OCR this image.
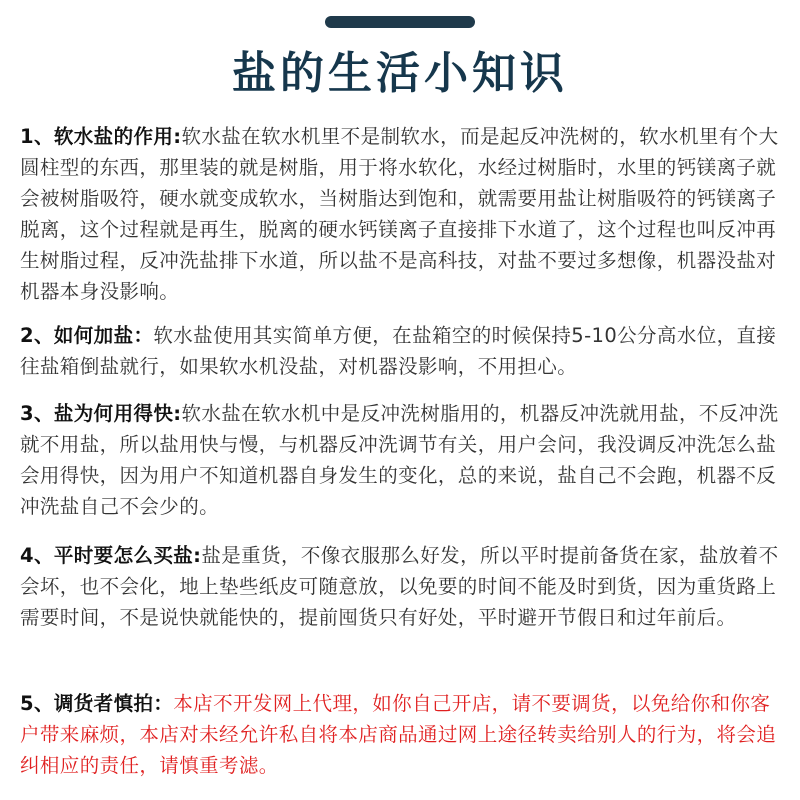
盐的生活小知识
1、软水盐的作用:软水盐在软水机里不是制软水，而是起反冲洗树的，软水机里有个大圆柱型的东西，那里装的就是树脂，用于将水软化，水经过树脂时，水里的钙镁离子就会被树脂吸符，硬水就变成软水，当树脂达到饱和，就需要用盐让树脂吸符的钙镁离子脱离，这个过程就是再生，脱离的硬水钙镁离子直接排下水道了，这个过程也叫反冲再生树脂过程，反冲洗盐排下水道，所以盐不是高科技，对盐不要过多想像，机器没盐对机器本身没影响。
2、如何加盐：软水盐使用其实简单方便，在盐箱空的时候保持5-10公分高水位，直接往盐箱倒盐就行，如果软水机没盐，对机器没影响，不用担心。
3、盐为何用得快:软水盐在软水机中是反冲洗树脂用的，机器反冲洗就用盐，不反冲洗就不用盐，所以盐用快与慢，与机器反冲洗调节有关，用户会问，我没调反冲洗怎么盐会用得快，因为用户不知道机器自身发生的变化，总的来说，盐自己不会跑，机器不反冲洗盐自己不会少的。
4、平时要怎么买盐:盐是重货，不像衣服那么好发，所以平时提前备货在家，盐放着不会坏，也不会化，地上垫些纸皮可随意放，以免要的时间不能及时到货，因为重货路上需要时间，不是说快就能快的，提前囤货只有好处，平时避开节假日和过年前后。
5、调货者慎拍：本店不开发网上代理，如你自己开店，请不要调货，以免给你和你客户带来麻烦，本店对未经允许私自将本店商品通过网上途径转卖给别人的行为，将会追纠相应的责任，请慎重考滤。
